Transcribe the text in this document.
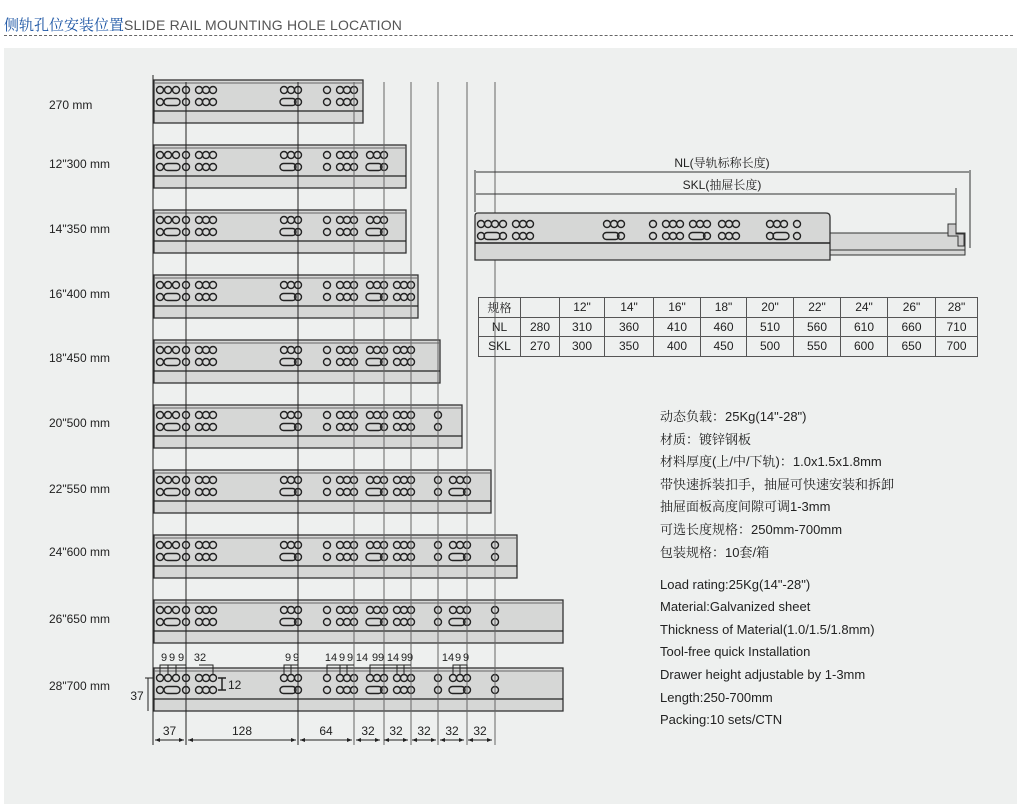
侧轨孔位安装位置SLIDE RAIL MOUNTING HOLE LOCATION
37	128	64 32 32 32 32 32
9 9 9 32	9 9 14 9 9 14 9 9 14 9 9	14 9 9
12
37
NL(导轨标称长度)
SKL(抽屉长度)
270 mm
12"300 mm
14"350 mm
16"400 mm
18"450 mm
20"500 mm
22"550 mm
24"600 mm
26"650 mm
28"700 mm
规格		12"	14"	16"	18"	20"	22"	24"	26"	28"
NL	280	310	360	410	460	510	560	610	660	710
SKL	270	300	350	400	450	500	550	600	650	700
动态负载：25Kg(14"-28")
材质：镀锌钢板
材料厚度(上/中/下轨)：1.0x1.5x1.8mm
带快速拆装扣手，抽屉可快速安装和拆卸
抽屉面板高度间隙可调1-3mm
可选长度规格：250mm-700mm
包装规格：10套/箱
Load rating:25Kg(14"-28")
Material:Galvanized sheet
Thickness of Material(1.0/1.5/1.8mm)
Tool-free quick Installation
Drawer height adjustable by 1-3mm
Length:250-700mm
Packing:10 sets/CTN
